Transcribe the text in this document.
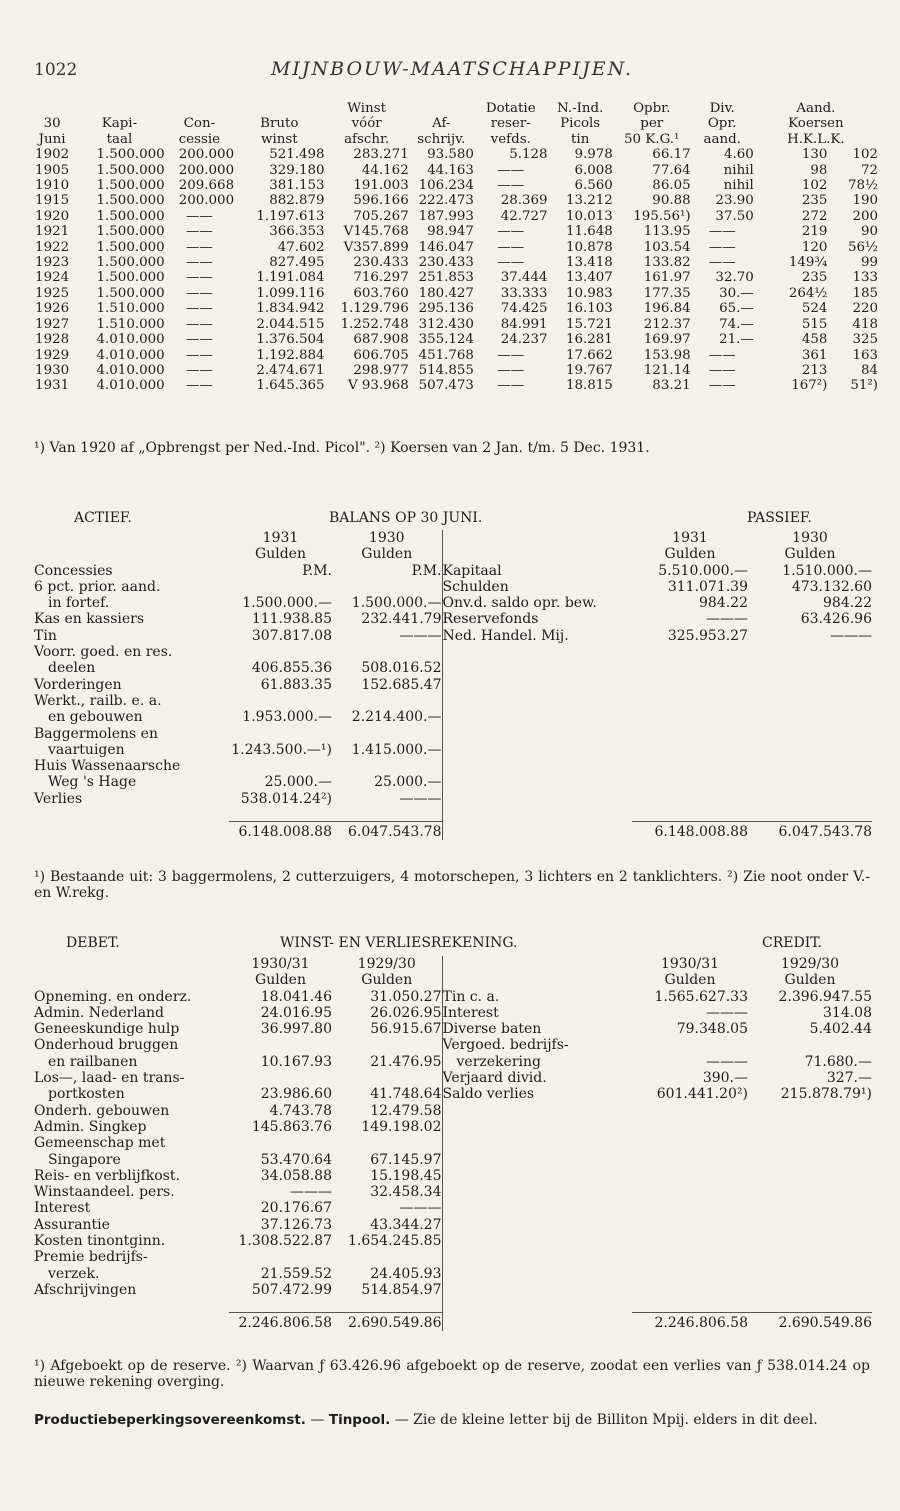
1022	MIJNBOUW-MAATSCHAPPIJEN.
				Winst		Dotatie	N.-Ind.	Opbr.	Div.	Aand.	
30	Kapi-	Con-	Bruto	vóór	Af-	reser-	Picols	per	Opr.	Koersen	
Juni	taal	cessie	winst	afschr.	schrijv.	vefds.	tin	50 K.G.¹	aand.	H.K.L.K.	
1902	1.500.000	200.000	521.498	283.271	93.580	5.128	9.978	66.17	4.60	130	102
1905	1.500.000	200.000	329.180	44.162	44.163	——	6.008	77.64	nihil	98	72
1910	1.500.000	209.668	381.153	191.003	106.234	——	6.560	86.05	nihil	102	78½
1915	1.500.000	200.000	882.879	596.166	222.473	28.369	13.212	90.88	23.90	235	190
1920	1.500.000	——	1.197.613	705.267	187.993	42.727	10.013	195.56¹)	37.50	272	200
1921	1.500.000	——	366.353	V145.768	98.947	——	11.648	113.95	——	219	90
1922	1.500.000	——	47.602	V357.899	146.047	——	10.878	103.54	——	120	56½
1923	1.500.000	——	827.495	230.433	230.433	——	13.418	133.82	——	149¾	99
1924	1.500.000	——	1.191.084	716.297	251.853	37.444	13.407	161.97	32.70	235	133
1925	1.500.000	——	1.099.116	603.760	180.427	33.333	10.983	177.35	30.—	264½	185
1926	1.510.000	——	1.834.942	1.129.796	295.136	74.425	16.103	196.84	65.—	524	220
1927	1.510.000	——	2.044.515	1.252.748	312.430	84.991	15.721	212.37	74.—	515	418
1928	4.010.000	——	1.376.504	687.908	355.124	24.237	16.281	169.97	21.—	458	325
1929	4.010.000	——	1.192.884	606.705	451.768	——	17.662	153.98	——	361	163
1930	4.010.000	——	2.474.671	298.977	514.855	——	19.767	121.14	——	213	84
1931	4.010.000	——	1.645.365	V 93.968	507.473	——	18.815	83.21	——	167²)	51²)
¹) Van 1920 af „Opbrengst per Ned.-Ind. Picol". ²) Koersen van 2 Jan. t/m. 5 Dec. 1931.
ACTIEF.	BALANS OP 30 JUNI.	PASSIEF.
	1931	1930		1931	1930
	Gulden	Gulden		Gulden	Gulden
Concessies	P.M.	P.M.	Kapitaal	5.510.000.—	1.510.000.—
6 pct. prior. aand.			Schulden	311.071.39	473.132.60
in fortef.	1.500.000.—	1.500.000.—	Onv.d. saldo opr. bew.	984.22	984.22
Kas en kassiers	111.938.85	232.441.79	Reservefonds	———	63.426.96
Tin	307.817.08	———	Ned. Handel. Mij.	325.953.27	———
Voorr. goed. en res.					
deelen	406.855.36	508.016.52			
Vorderingen	61.883.35	152.685.47			
Werkt., railb. e. a.					
en gebouwen	1.953.000.—	2.214.400.—			
Baggermolens en					
vaartuigen	1.243.500.—¹)	1.415.000.—			
Huis Wassenaarsche					
Weg 's Hage	25.000.—	25.000.—			
Verlies	538.014.24²)	———			

	6.148.008.88	6.047.543.78		6.148.008.88	6.047.543.78
¹) Bestaande uit: 3 baggermolens, 2 cutterzuigers, 4 motorschepen, 3 lichters en 2 tanklichters. ²) Zie noot onder V.- en W.rekg.
DEBET.	WINST- EN VERLIESREKENING.	CREDIT.
	1930/31	1929/30		1930/31	1929/30
	Gulden	Gulden		Gulden	Gulden
Opneming. en onderz.	18.041.46	31.050.27	Tin c. a.	1.565.627.33	2.396.947.55
Admin. Nederland	24.016.95	26.026.95	Interest	———	314.08
Geneeskundige hulp	36.997.80	56.915.67	Diverse baten	79.348.05	5.402.44
Onderhoud bruggen			Vergoed. bedrijfs-		
en railbanen	10.167.93	21.476.95	verzekering	———	71.680.—
Los—, laad- en trans-			Verjaard divid.	390.—	327.—
portkosten	23.986.60	41.748.64	Saldo verlies	601.441.20²)	215.878.79¹)
Onderh. gebouwen	4.743.78	12.479.58			
Admin. Singkep	145.863.76	149.198.02			
Gemeenschap met					
Singapore	53.470.64	67.145.97			
Reis- en verblijfkost.	34.058.88	15.198.45			
Winstaandeel. pers.	———	32.458.34			
Interest	20.176.67	———			
Assurantie	37.126.73	43.344.27			
Kosten tinontginn.	1.308.522.87	1.654.245.85			
Premie bedrijfs-					
verzek.	21.559.52	24.405.93			
Afschrijvingen	507.472.99	514.854.97			

	2.246.806.58	2.690.549.86		2.246.806.58	2.690.549.86
¹) Afgeboekt op de reserve. ²) Waarvan ƒ 63.426.96 afgeboekt op de reserve, zoodat een verlies van ƒ 538.014.24 op nieuwe rekening overging.
Productiebeperkingsovereenkomst. — Tinpool. — Zie de kleine letter bij de Billiton Mpij. elders in dit deel.
